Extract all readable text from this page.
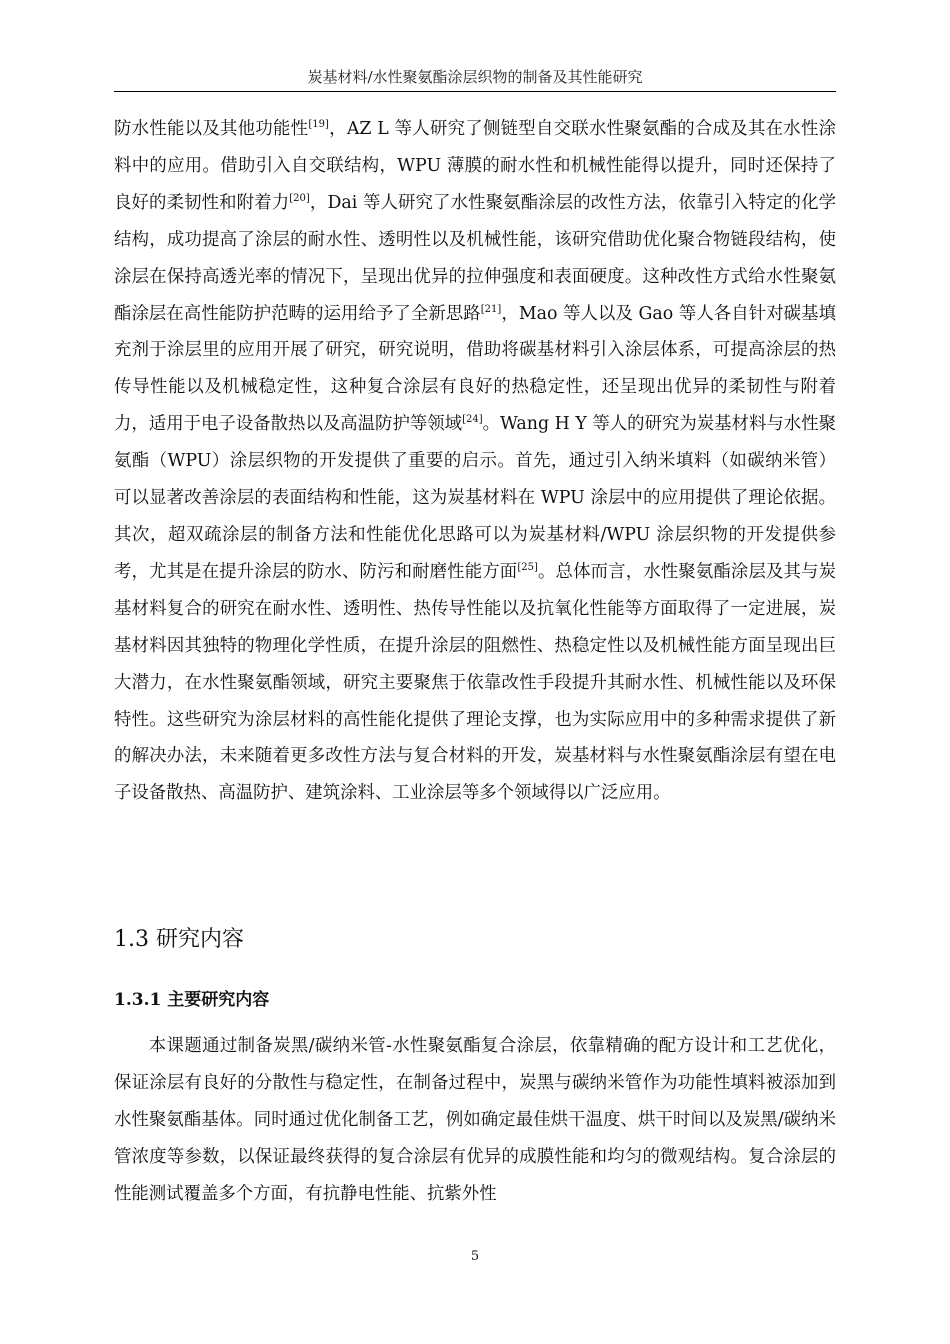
炭基材料/水性聚氨酯涂层织物的制备及其性能研究

防水性能以及其他功能性[19]，AZ L 等人研究了侧链型自交联水性聚氨酯的合成及其在水性涂料中的应用。借助引入自交联结构，WPU 薄膜的耐水性和机械性能得以提升，同时还保持了良好的柔韧性和附着力[20]，Dai 等人研究了水性聚氨酯涂层的改性方法，依靠引入特定的化学结构，成功提高了涂层的耐水性、透明性以及机械性能，该研究借助优化聚合物链段结构，使涂层在保持高透光率的情况下，呈现出优异的拉伸强度和表面硬度。这种改性方式给水性聚氨酯涂层在高性能防护范畴的运用给予了全新思路[21]，Mao 等人以及 Gao 等人各自针对碳基填充剂于涂层里的应用开展了研究，研究说明，借助将碳基材料引入涂层体系，可提高涂层的热传导性能以及机械稳定性，这种复合涂层有良好的热稳定性，还呈现出优异的柔韧性与附着力，适用于电子设备散热以及高温防护等领域[24]。Wang H Y 等人的研究为炭基材料与水性聚氨酯（WPU）涂层织物的开发提供了重要的启示。首先，通过引入纳米填料（如碳纳米管）可以显著改善涂层的表面结构和性能，这为炭基材料在 WPU 涂层中的应用提供了理论依据。其次，超双疏涂层的制备方法和性能优化思路可以为炭基材料/WPU 涂层织物的开发提供参考，尤其是在提升涂层的防水、防污和耐磨性能方面[25]。总体而言，水性聚氨酯涂层及其与炭基材料复合的研究在耐水性、透明性、热传导性能以及抗氧化性能等方面取得了一定进展，炭基材料因其独特的物理化学性质，在提升涂层的阻燃性、热稳定性以及机械性能方面呈现出巨大潜力，在水性聚氨酯领域，研究主要聚焦于依靠改性手段提升其耐水性、机械性能以及环保特性。这些研究为涂层材料的高性能化提供了理论支撑，也为实际应用中的多种需求提供了新的解决办法，未来随着更多改性方法与复合材料的开发，炭基材料与水性聚氨酯涂层有望在电子设备散热、高温防护、建筑涂料、工业涂层等多个领域得以广泛应用。

1.3 研究内容
1.3.1 主要研究内容

本课题通过制备炭黑/碳纳米管-水性聚氨酯复合涂层，依靠精确的配方设计和工艺优化，保证涂层有良好的分散性与稳定性，在制备过程中，炭黑与碳纳米管作为功能性填料被添加到水性聚氨酯基体。同时通过优化制备工艺，例如确定最佳烘干温度、烘干时间以及炭黑/碳纳米管浓度等参数，以保证最终获得的复合涂层有优异的成膜性能和均匀的微观结构。复合涂层的性能测试覆盖多个方面，有抗静电性能、抗紫外性

5
